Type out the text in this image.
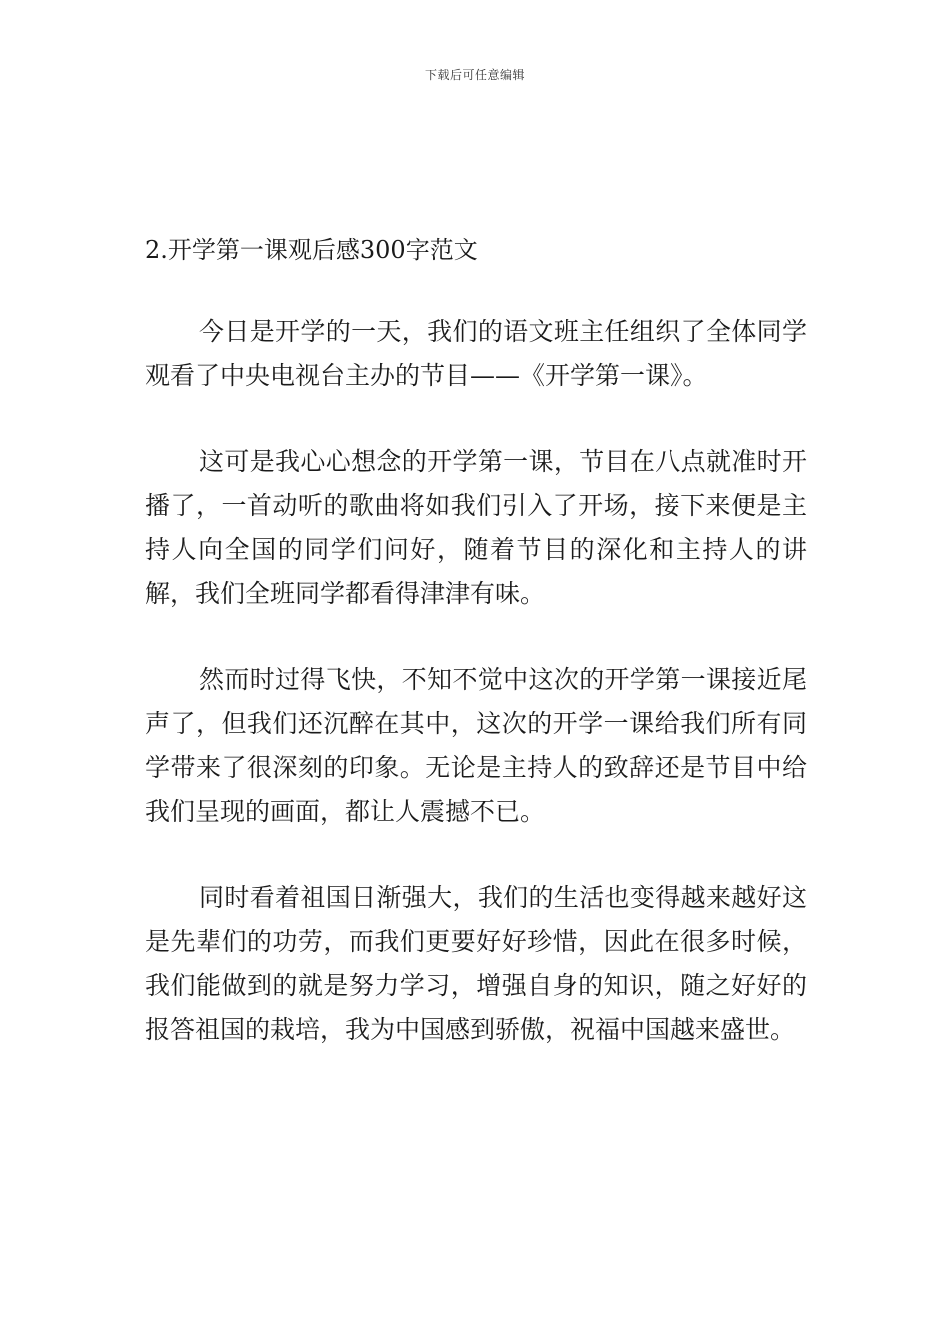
下载后可任意编辑
2.开学第一课观后感300字范文

今日是开学的一天，我们的语文班主任组织了全体同学观看了中央电视台主办的节目——《开学第一课》。

这可是我心心想念的开学第一课，节目在八点就准时开播了，一首动听的歌曲将如我们引入了开场，接下来便是主持人向全国的同学们问好，随着节目的深化和主持人的讲解，我们全班同学都看得津津有味。

然而时过得飞快，不知不觉中这次的开学第一课接近尾声了，但我们还沉醉在其中，这次的开学一课给我们所有同学带来了很深刻的印象。无论是主持人的致辞还是节目中给我们呈现的画面，都让人震撼不已。

同时看着祖国日渐强大，我们的生活也变得越来越好这是先辈们的功劳，而我们更要好好珍惜，因此在很多时候，我们能做到的就是努力学习，增强自身的知识，随之好好的报答祖国的栽培，我为中国感到骄傲，祝福中国越来盛世。
